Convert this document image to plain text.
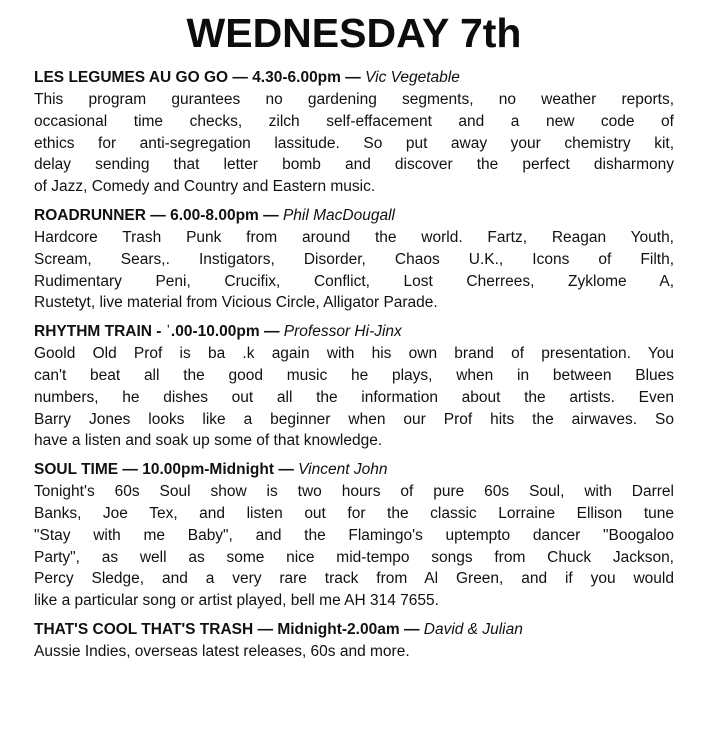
WEDNESDAY 7th
LES LEGUMES AU GO GO — 4.30-6.00pm — Vic Vegetable
This program gurantees no gardening segments, no weather reports,
occasional time checks, zilch self-effacement and a new code of
ethics for anti-segregation lassitude. So put away your chemistry kit,
delay sending that letter bomb and discover the perfect disharmony
of Jazz, Comedy and Country and Eastern music.
ROADRUNNER — 6.00-8.00pm — Phil MacDougall
Hardcore Trash Punk from around the world. Fartz, Reagan Youth,
Scream, Sears,. Instigators, Disorder, Chaos U.K., Icons of Filth,
Rudimentary Peni, Crucifix, Conflict, Lost Cherrees, Zyklome A,
Rustetyt, live material from Vicious Circle, Alligator Parade.
RHYTHM TRAIN - ˈ.00-10.00pm — Professor Hi-Jinx
Goold Old Prof is ba .k again with his own brand of presentation. You
can't beat all the good music he plays, when in between Blues
numbers, he dishes out all the information about the artists. Even
Barry Jones looks like a beginner when our Prof hits the airwaves. So
have a listen and soak up some of that knowledge.
SOUL TIME — 10.00pm-Midnight — Vincent John
Tonight's 60s Soul show is two hours of pure 60s Soul, with Darrel
Banks, Joe Tex, and listen out for the classic Lorraine Ellison tune
"Stay with me Baby", and the Flamingo's uptempto dancer "Boogaloo
Party", as well as some nice mid-tempo songs from Chuck Jackson,
Percy Sledge, and a very rare track from Al Green, and if you would
like a particular song or artist played, bell me AH 314 7655.
THAT'S COOL THAT'S TRASH — Midnight-2.00am — David & Julian
Aussie Indies, overseas latest releases, 60s and more.
